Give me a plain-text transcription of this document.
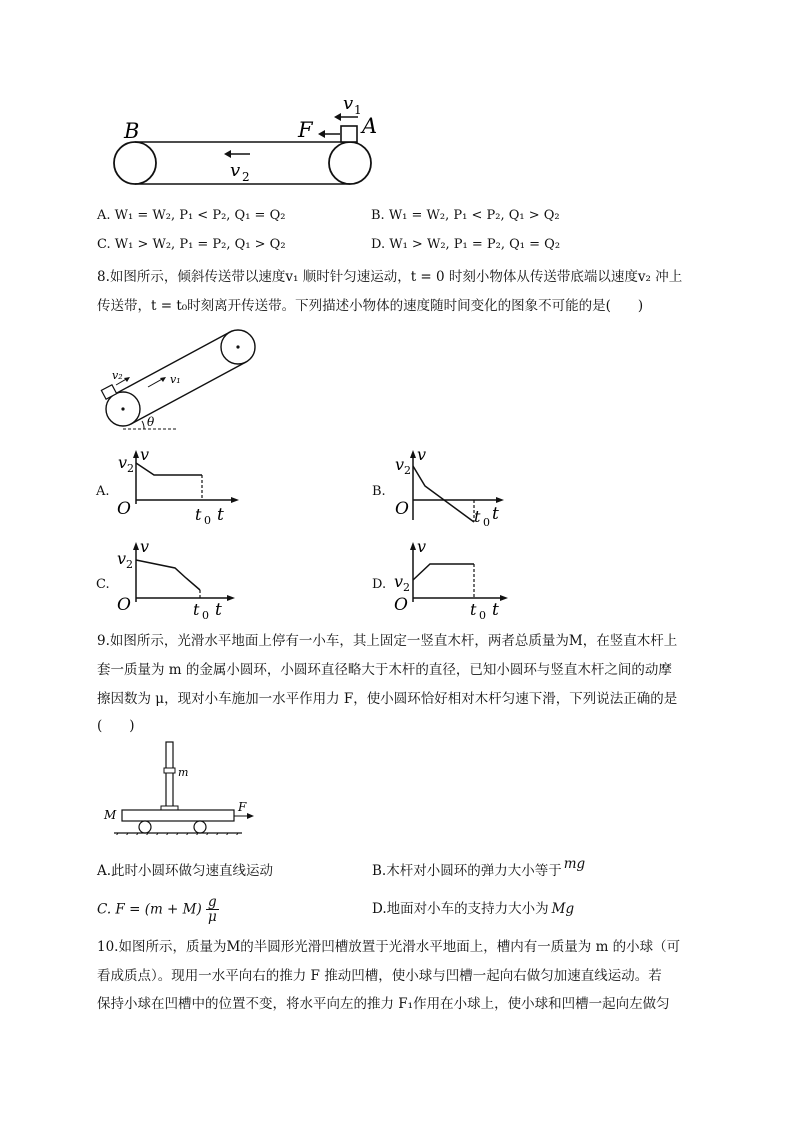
B	A
F
v 1
v 2
A. W₁ = W₂, P₁ < P₂, Q₁ = Q₂	B. W₁ = W₂, P₁ < P₂, Q₁ > Q₂
C. W₁ > W₂, P₁ = P₂, Q₁ > Q₂	D. W₁ > W₂, P₁ = P₂, Q₁ = Q₂
8.如图所示，倾斜传送带以速度v₁ 顺时针匀速运动，t = 0 时刻小物体从传送带底端以速度v₂ 冲上
传送带，t = t₀时刻离开传送带。下列描述小物体的速度随时间变化的图象不可能的是(　　)
v₂	v₁
θ
A.	B.
C.	D.
v
v 2
O	t 0 t
v
v 2
O	t 0 t
v
v 2
O	t 0 t
v
v 2
O	t 0 t
9.如图所示，光滑水平地面上停有一小车，其上固定一竖直木杆，两者总质量为M，在竖直木杆上
套一质量为 m 的金属小圆环，小圆环直径略大于木杆的直径，已知小圆环与竖直木杆之间的动摩
擦因数为 μ，现对小车施加一水平作用力 F，使小圆环恰好相对木杆匀速下滑，下列说法正确的是
(　　)
m
M
F
A.此时小圆环做匀速直线运动	B.木杆对小圆环的弹力大小等于 mg
C. $F = (m + M) \frac{g}{\mu}$	D.地面对小车的支持力大小为 Mg
10.如图所示，质量为M的半圆形光滑凹槽放置于光滑水平地面上，槽内有一质量为 m 的小球（可
看成质点）。现用一水平向右的推力 F 推动凹槽，使小球与凹槽一起向右做匀加速直线运动。若
保持小球在凹槽中的位置不变，将水平向左的推力 F₁作用在小球上，使小球和凹槽一起向左做匀
